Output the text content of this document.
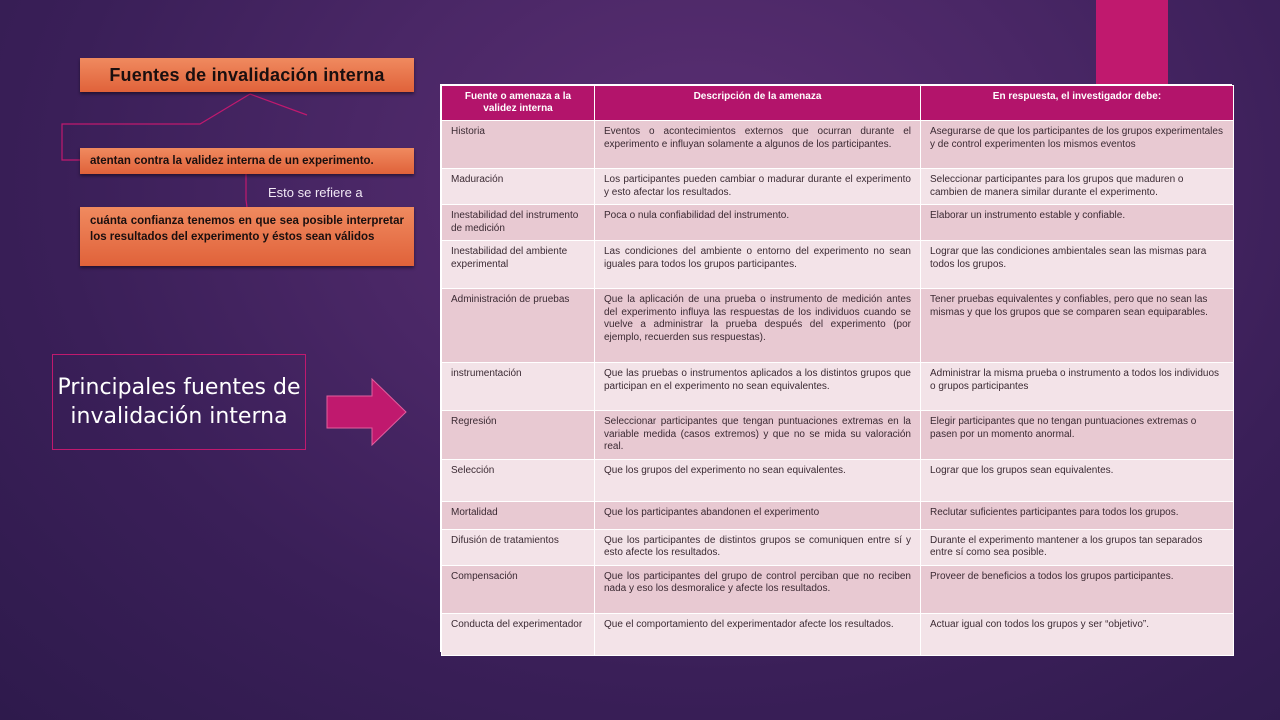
Fuentes de invalidación interna
atentan contra la validez interna de un experimento.
Esto se refiere a
cuánta confianza tenemos en que sea posible interpretar los resultados del experimento y éstos sean válidos
Principales fuentes de invalidación interna
Fuente o amenaza a la validez interna	Descripción de la amenaza	En respuesta, el investigador debe:
Historia	Eventos o acontecimientos externos que ocurran durante el experimento e influyan solamente a algunos de los participantes.	Asegurarse de que los participantes de los grupos experimentales y de control experimenten los mismos eventos
Maduración	Los participantes pueden cambiar o madurar durante el experimento y esto afectar los resultados.	Seleccionar participantes para los grupos que maduren o cambien de manera similar durante el experimento.
Inestabilidad del instrumento de medición	Poca o nula confiabilidad del instrumento.	Elaborar un instrumento estable y confiable.
Inestabilidad del ambiente experimental	Las condiciones del ambiente o entorno del experimento no sean iguales para todos los grupos participantes.	Lograr que las condiciones ambientales sean las mismas para todos los grupos.
Administración de pruebas	Que la aplicación de una prueba o instrumento de medición antes del experimento influya las respuestas de los individuos cuando se vuelve a administrar la prueba después del experimento (por ejemplo, recuerden sus respuestas).	Tener pruebas equivalentes y confiables, pero que no sean las mismas y que los grupos que se comparen sean equiparables.
instrumentación	Que las pruebas o instrumentos aplicados a los distintos grupos que participan en el experimento no sean equivalentes.	Administrar la misma prueba o instrumento a todos los individuos o grupos participantes
Regresión	Seleccionar participantes que tengan puntuaciones extremas en la variable medida (casos extremos) y que no se mida su valoración real.	Elegir participantes que no tengan puntuaciones extremas o pasen por un momento anormal.
Selección	Que los grupos del experimento no sean equivalentes.	Lograr que los grupos sean equivalentes.
Mortalidad	Que los participantes abandonen el experimento	Reclutar suficientes participantes para todos los grupos.
Difusión de tratamientos	Que los participantes de distintos grupos se comuniquen entre sí y esto afecte los resultados.	Durante el experimento mantener a los grupos tan separados entre sí como sea posible.
Compensación	Que los participantes del grupo de control perciban que no reciben nada y eso los desmoralice y afecte los resultados.	Proveer de beneficios a todos los grupos participantes.
Conducta del experimentador	Que el comportamiento del experimentador afecte los resultados.	Actuar igual con todos los grupos y ser “objetivo”.
